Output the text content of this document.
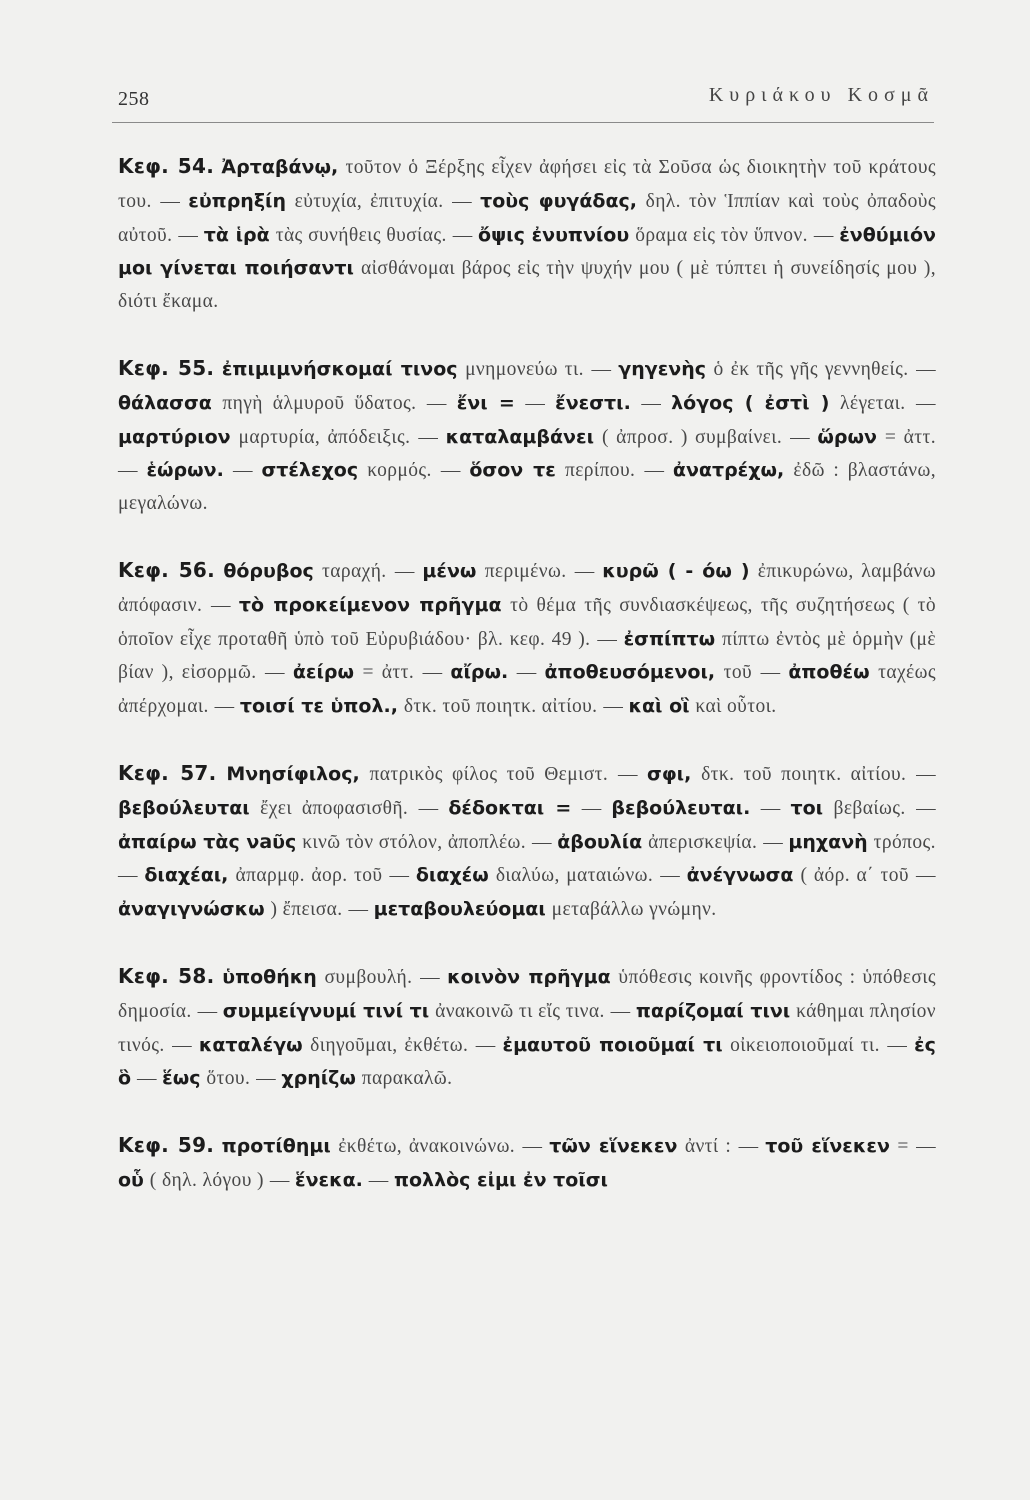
258	Κυριάκου Κοσμᾶ

Κεφ. 54. Ἀρταβάνῳ, τοῦτον ὁ Ξέρξης εἶχεν ἀφήσει εἰς τὰ Σοῦσα ὡς διοικητὴν τοῦ κράτους του. — εὐπρηξίη εὐτυχία, ἐπιτυχία. — τοὺς φυγάδας, δηλ. τὸν Ἱππίαν καὶ τοὺς ὀπαδοὺς αὐτοῦ. — τὰ ἱρὰ τὰς συνήθεις θυσίας. — ὄψις ἐνυπνίου ὅραμα εἰς τὸν ὕπνον. — ἐνθύμιόν μοι γίνεται ποιήσαντι αἰσθάνομαι βάρος εἰς τὴν ψυχήν μου ( μὲ τύπτει ἡ συνείδησίς μου ), διότι ἔκαμα.

Κεφ. 55. ἐπιμιμνήσκομαί τινος μνημονεύω τι. — γηγενὴς ὁ ἐκ τῆς γῆς γεννηθείς. — θάλασσα πηγὴ ἁλμυροῦ ὕδατος. — ἔνι = — ἔνεστι. — λόγος ( ἐστὶ ) λέγεται. — μαρτύριον μαρτυρία, ἀπόδειξις. — καταλαμβάνει ( ἀπροσ. ) συμβαίνει. — ὥρων = ἀττ. — ἑώρων. — στέλεχος κορμός. — ὅσον τε περίπου. — ἀνατρέχω, ἐδῶ : βλαστάνω, μεγαλώνω.

Κεφ. 56. θόρυβος ταραχή. — μένω περιμένω. — κυρῶ ( - όω ) ἐπικυρώνω, λαμβάνω ἀπόφασιν. — τὸ προκείμενον πρῆγμα τὸ θέμα τῆς συνδιασκέψεως, τῆς συζητήσεως ( τὸ ὁποῖον εἶχε προταθῆ ὑπὸ τοῦ Εὐρυβιάδου· βλ. κεφ. 49 ). — ἐσπίπτω πίπτω ἐντὸς μὲ ὁρμὴν (μὲ βίαν ), εἰσορμῶ. — ἀείρω = ἀττ. — αἴρω. — ἀποθευσόμενοι, τοῦ — ἀποθέω ταχέως ἀπέρχομαι. — τοισί τε ὑπολ., δτκ. τοῦ ποιητκ. αἰτίου. — καὶ οἳ καὶ οὗτοι.

Κεφ. 57. Μνησίφιλος, πατρικὸς φίλος τοῦ Θεμιστ. — σφι, δτκ. τοῦ ποιητκ. αἰτίου. — βεβούλευται ἔχει ἀποφασισθῆ. — δέδοκται = — βεβούλευται. — τοι βεβαίως. — ἀπαίρω τὰς νaῦς κινῶ τὸν στόλον, ἀποπλέω. — ἀβουλία ἀπερισκεψία. — μηχανὴ τρόπος. — διαχέαι, ἀπαρμφ. ἀορ. τοῦ — διαχέω διαλύω, ματαιώνω. — ἀνέγνωσα ( ἀόρ. α΄ τοῦ — ἀναγιγνώσκω ) ἔπεισα. — μεταβουλεύομαι μεταβάλλω γνώμην.

Κεφ. 58. ὑποθήκη συμβουλή. — κοινὸν πρῆγμα ὑπόθεσις κοινῆς φροντίδος : ὑπόθεσις δημοσία. — συμμείγνυμί τινί τι ἀνακοινῶ τι εἴς τινα. — παρίζομαί τινι κάθημαι πλησίον τινός. — καταλέγω διηγοῦμαι, ἐκθέτω. — ἐμαυτοῦ ποιοῦμαί τι οἰκειοποιοῦμαί τι. — ἐς ὃ — ἕως ὅτου. — χρηίζω παρακαλῶ.

Κεφ. 59. προτίθημι ἐκθέτω, ἀνακοινώνω. — τῶν εἵνεκεν ἀντί : — τοῦ εἵνεκεν = — οὗ ( δηλ. λόγου ) — ἕνεκα. — πολλὸς εἰμι ἐν τοῖσι
